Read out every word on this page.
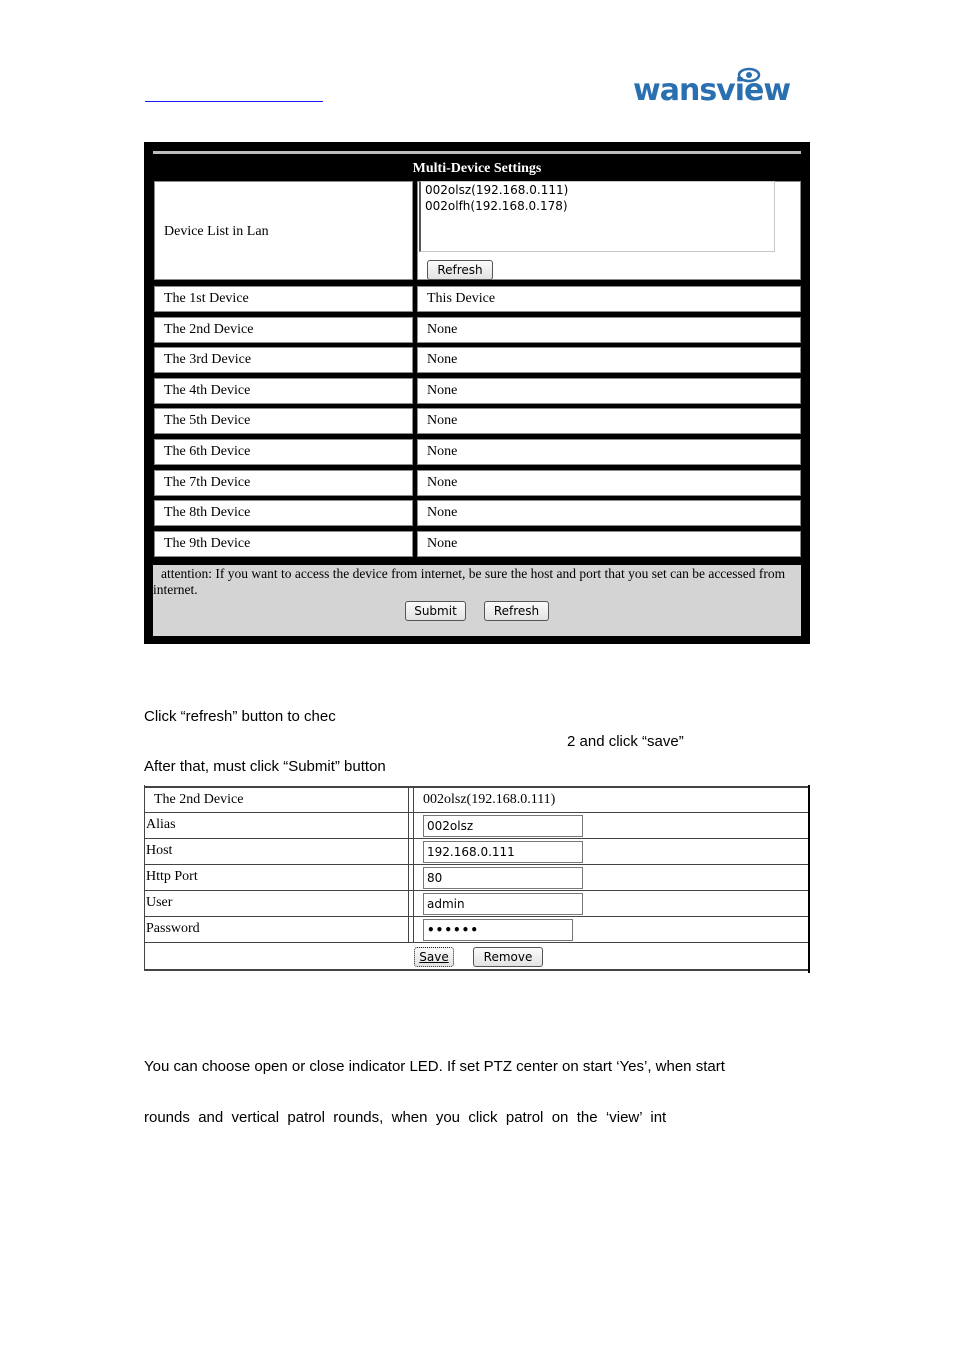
wansview
Multi-Device Settings
Device List in Lan
002olsz(192.168.0.111)
002olfh(192.168.0.178)
Refresh
The 1st Device	This Device
The 2nd Device	None
The 3rd Device	None
The 4th Device	None
The 5th Device	None
The 6th Device	None
The 7th Device	None
The 8th Device	None
The 9th Device	None
attention: If you want to access the device from internet, be sure the host and port that you set can be accessed from internet.
Submit	Refresh
Click “refresh” button to chec
2 and click “save”
After that, must click “Submit” button
The 2nd Device	002olsz(192.168.0.111)
Alias	002olsz
Host	192.168.0.111
Http Port	80
User	admin
Password	••••••
Save	Remove
You can choose open or close indicator LED. If set PTZ center on start ‘Yes’, when start
rounds  and  vertical  patrol  rounds,  when  you  click  patrol  on  the  ‘view’  int
